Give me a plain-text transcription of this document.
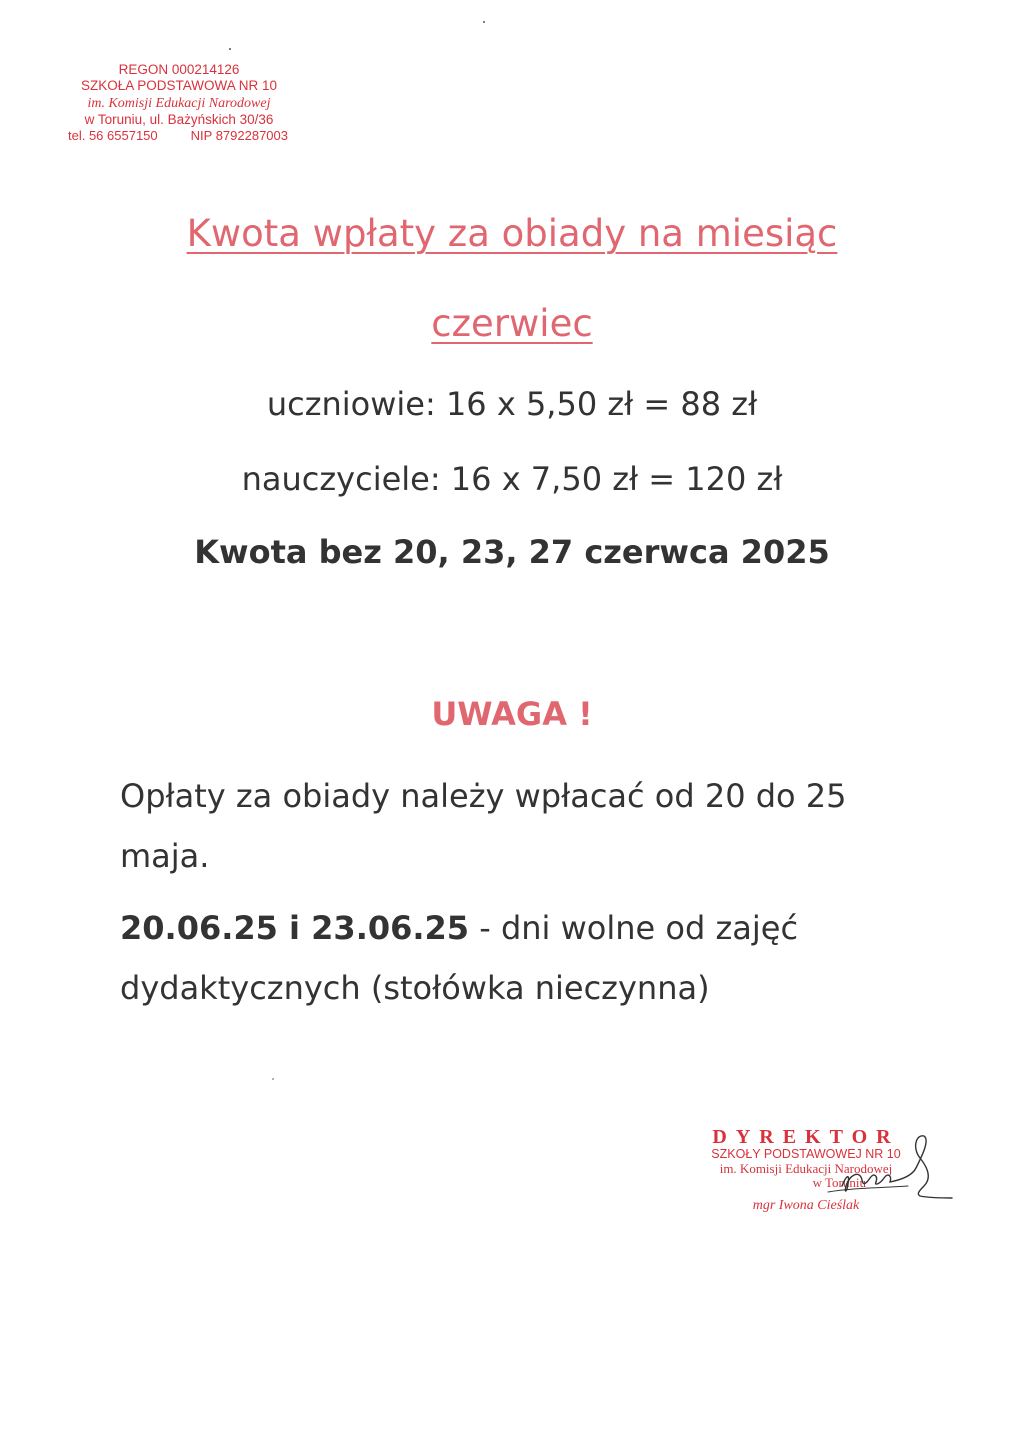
REGON 000214126
SZKOŁA PODSTAWOWA NR 10
im. Komisji Edukacji Narodowej
w Toruniu, ul. Bażyńskich 30/36
tel. 56 6557150	NIP 8792287003
Kwota wpłaty za obiady na miesiąc
czerwiec
uczniowie: 16 x 5,50 zł = 88 zł
nauczyciele: 16 x 7,50 zł = 120 zł
Kwota bez 20, 23, 27 czerwca 2025
UWAGA !
Opłaty za obiady należy wpłacać od 20 do 25 maja.
20.06.25 i 23.06.25 - dni wolne od zajęć dydaktycznych (stołówka nieczynna)
DYREKTOR
SZKOŁY PODSTAWOWEJ NR 10
im. Komisji Edukacji Narodowej
w Toruniu
mgr Iwona Cieślak
